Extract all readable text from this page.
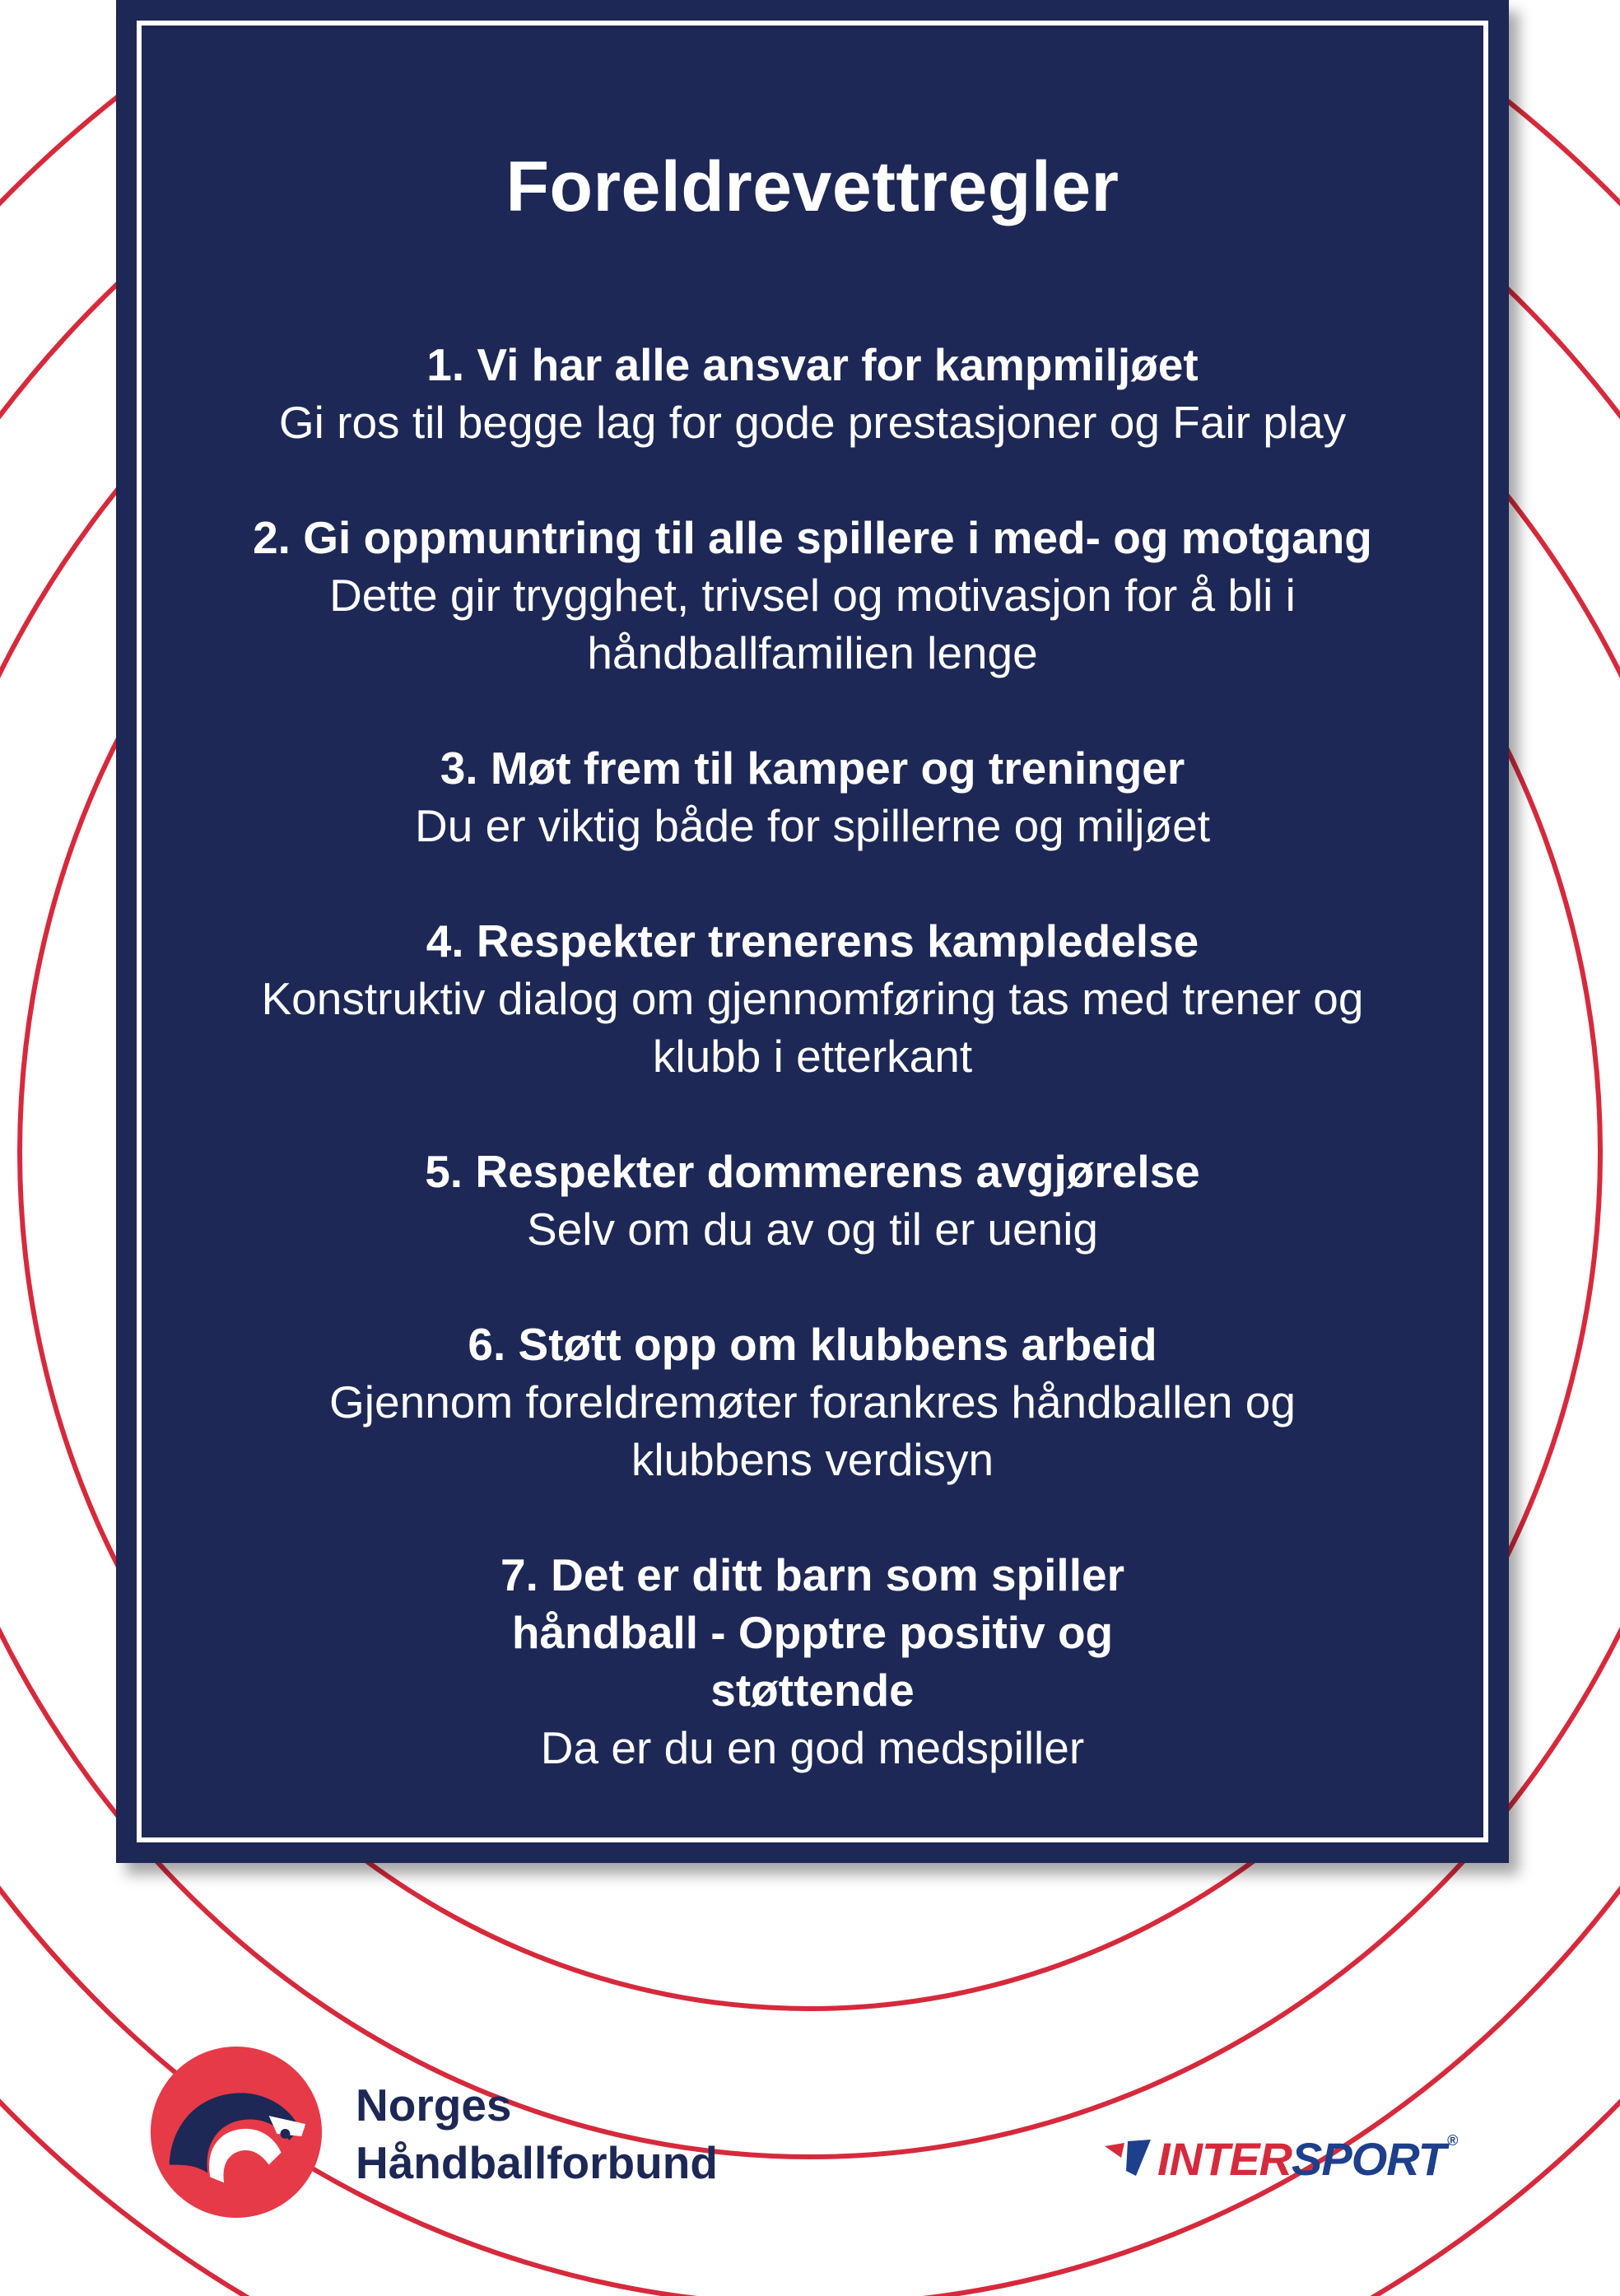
Foreldrevettregler
1. Vi har alle ansvar for kampmiljøet
Gi ros til begge lag for gode prestasjoner og Fair play
2. Gi oppmuntring til alle spillere i med- og motgang
Dette gir trygghet, trivsel og motivasjon for å bli i håndballfamilien lenge
3. Møt frem til kamper og treninger
Du er viktig både for spillerne og miljøet
4. Respekter trenerens kampledelse
Konstruktiv dialog om gjennomføring tas med trener og klubb i etterkant
5. Respekter dommerens avgjørelse
Selv om du av og til er uenig
6. Støtt opp om klubbens arbeid
Gjennom foreldremøter forankres håndballen og klubbens verdisyn
7. Det er ditt barn som spiller håndball - Opptre positiv og støttende
Da er du en god medspiller
Norges
Håndballforbund	INTERSPORT ®
